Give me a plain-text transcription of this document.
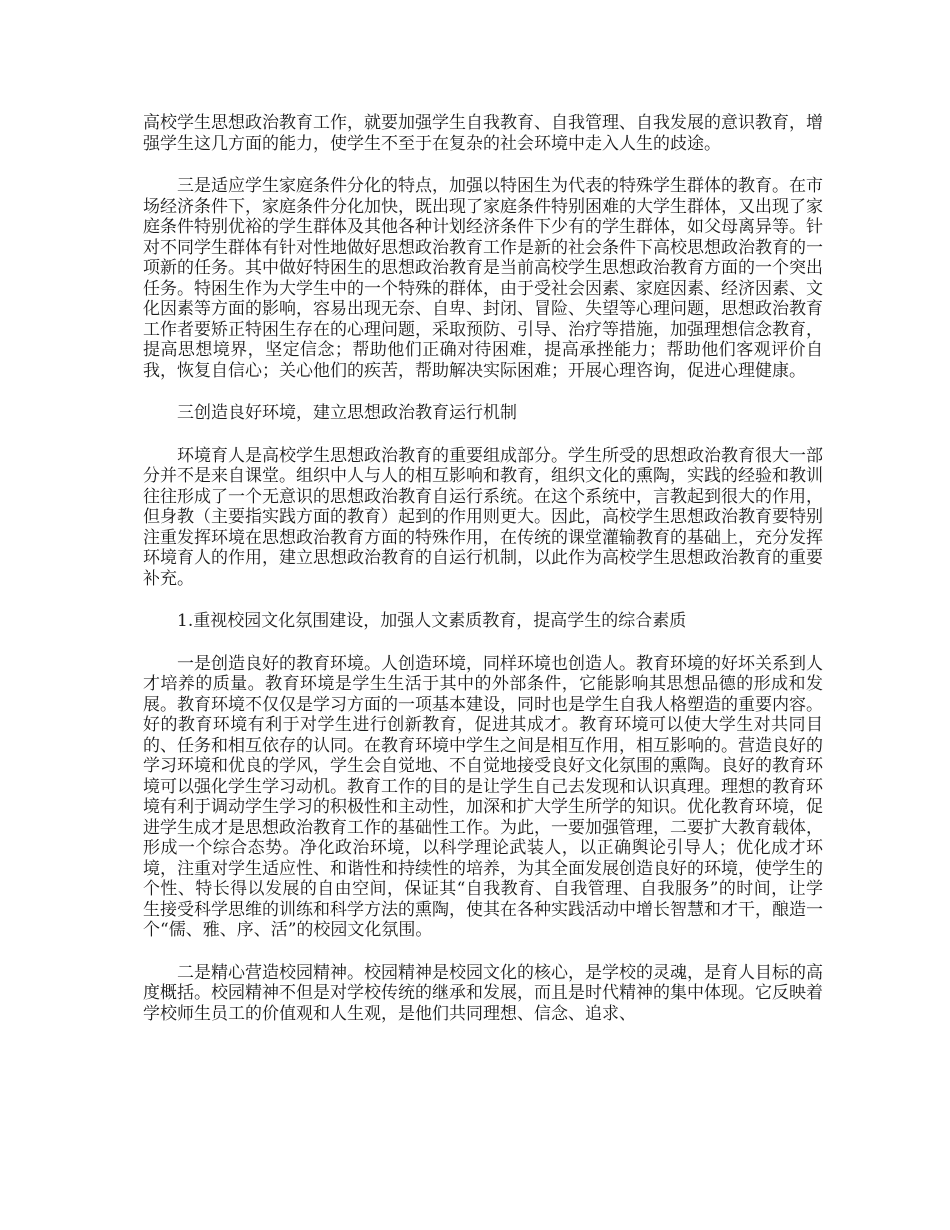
高校学生思想政治教育工作，就要加强学生自我教育、自我管理、自我发展的意识教育，增强学生这几方面的能力，使学生不至于在复杂的社会环境中走入人生的歧途。

三是适应学生家庭条件分化的特点，加强以特困生为代表的特殊学生群体的教育。在市场经济条件下，家庭条件分化加快，既出现了家庭条件特别困难的大学生群体，又出现了家庭条件特别优裕的学生群体及其他各种计划经济条件下少有的学生群体，如父母离异等。针对不同学生群体有针对性地做好思想政治教育工作是新的社会条件下高校思想政治教育的一项新的任务。其中做好特困生的思想政治教育是当前高校学生思想政治教育方面的一个突出任务。特困生作为大学生中的一个特殊的群体，由于受社会因素、家庭因素、经济因素、文化因素等方面的影响，容易出现无奈、自卑、封闭、冒险、失望等心理问题，思想政治教育工作者要矫正特困生存在的心理问题，采取预防、引导、治疗等措施，加强理想信念教育，提高思想境界，坚定信念；帮助他们正确对待困难，提高承挫能力；帮助他们客观评价自我，恢复自信心；关心他们的疾苦，帮助解决实际困难；开展心理咨询，促进心理健康。

三创造良好环境，建立思想政治教育运行机制

环境育人是高校学生思想政治教育的重要组成部分。学生所受的思想政治教育很大一部分并不是来自课堂。组织中人与人的相互影响和教育，组织文化的熏陶，实践的经验和教训往往形成了一个无意识的思想政治教育自运行系统。在这个系统中，言教起到很大的作用，但身教（主要指实践方面的教育）起到的作用则更大。因此，高校学生思想政治教育要特别注重发挥环境在思想政治教育方面的特殊作用，在传统的课堂灌输教育的基础上，充分发挥环境育人的作用，建立思想政治教育的自运行机制，以此作为高校学生思想政治教育的重要补充。

1.重视校园文化氛围建设，加强人文素质教育，提高学生的综合素质

一是创造良好的教育环境。人创造环境，同样环境也创造人。教育环境的好坏关系到人才培养的质量。教育环境是学生生活于其中的外部条件，它能影响其思想品德的形成和发展。教育环境不仅仅是学习方面的一项基本建设，同时也是学生自我人格塑造的重要内容。好的教育环境有利于对学生进行创新教育，促进其成才。教育环境可以使大学生对共同目的、任务和相互依存的认同。在教育环境中学生之间是相互作用，相互影响的。营造良好的学习环境和优良的学风，学生会自觉地、不自觉地接受良好文化氛围的熏陶。良好的教育环境可以强化学生学习动机。教育工作的目的是让学生自己去发现和认识真理。理想的教育环境有利于调动学生学习的积极性和主动性，加深和扩大学生所学的知识。优化教育环境，促进学生成才是思想政治教育工作的基础性工作。为此，一要加强管理，二要扩大教育载体，形成一个综合态势。净化政治环境，以科学理论武装人，以正确舆论引导人；优化成才环境，注重对学生适应性、和谐性和持续性的培养，为其全面发展创造良好的环境，使学生的个性、特长得以发展的自由空间，保证其“自我教育、自我管理、自我服务”的时间，让学生接受科学思维的训练和科学方法的熏陶，使其在各种实践活动中增长智慧和才干，酿造一个“儒、雅、序、活”的校园文化氛围。

二是精心营造校园精神。校园精神是校园文化的核心，是学校的灵魂，是育人目标的高度概括。校园精神不但是对学校传统的继承和发展，而且是时代精神的集中体现。它反映着学校师生员工的价值观和人生观，是他们共同理想、信念、追求、
